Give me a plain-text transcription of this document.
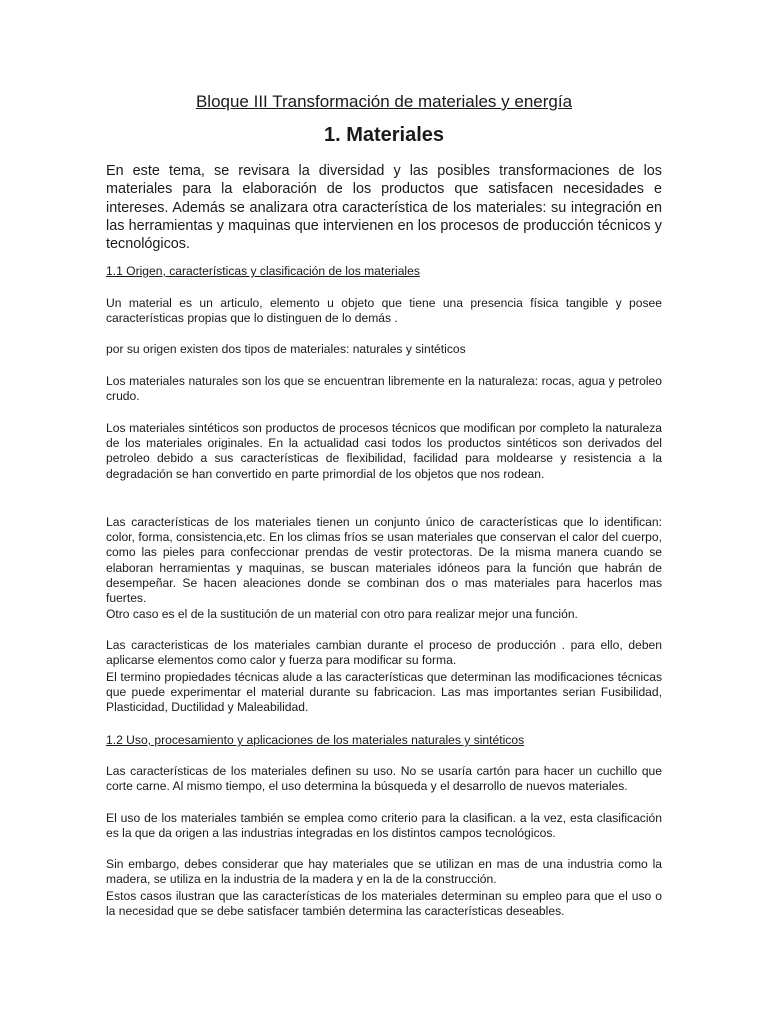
Bloque III Transformación de materiales y energía
1. Materiales

En este tema, se revisara la diversidad y las posibles transformaciones de los materiales para la elaboración de los productos que satisfacen necesidades e intereses. Además se analizara otra característica de los materiales: su integración en las herramientas y maquinas que intervienen en los procesos de producción técnicos y tecnológicos.

1.1 Origen, características y clasificación de los materiales

Un material es un articulo, elemento u objeto que tiene una presencia física tangible y posee características propias que lo distinguen de lo demás .

por su origen existen dos tipos de materiales: naturales y sintéticos

Los materiales naturales son los que se encuentran libremente en la naturaleza: rocas, agua y petroleo crudo.

Los materiales sintéticos son productos de procesos técnicos que modifican por completo la naturaleza de los materiales originales. En la actualidad casi todos los productos sintéticos son derivados del petroleo debido a sus características de flexibilidad, facilidad para moldearse y resistencia a la degradación se han convertido en parte primordial de los objetos que nos rodean.

Las características de los materiales tienen un conjunto único de características que lo identifican: color, forma, consistencia,etc. En los climas fríos se usan materiales que conservan el calor del cuerpo, como las pieles para confeccionar prendas de vestir protectoras. De la misma manera cuando se elaboran herramientas y maquinas, se buscan materiales idóneos para la función que habrán de desempeñar. Se hacen aleaciones donde se combinan dos o mas materiales para hacerlos mas fuertes.

Otro caso es el de la sustitución de un material con otro para realizar mejor una función.

Las caracteristicas de los materiales cambian durante el proceso de producción . para ello, deben aplicarse elementos como calor y fuerza para modificar su forma.

El termino propiedades técnicas alude a las características que determinan las modificaciones técnicas que puede experimentar el material durante su fabricacion. Las mas importantes serian Fusibilidad, Plasticidad, Ductilidad y Maleabilidad.

1.2 Uso, procesamiento y aplicaciones de los materiales naturales y sintéticos

Las características de los materiales definen su uso. No se usaría cartón para hacer un cuchillo que corte carne. Al mismo tiempo, el uso determina la búsqueda y el desarrollo de nuevos materiales.

El uso de los materiales también se emplea como criterio para la clasifican. a la vez, esta clasificación es la que da origen a las industrias integradas en los distintos campos tecnológicos.

Sin embargo, debes considerar que hay materiales que se utilizan en mas de una industria como la madera, se utiliza en la industria de la madera y en la de la construcción.

Estos casos ilustran que las características de los materiales determinan su empleo para que el uso o la necesidad que se debe satisfacer también determina las características deseables.
